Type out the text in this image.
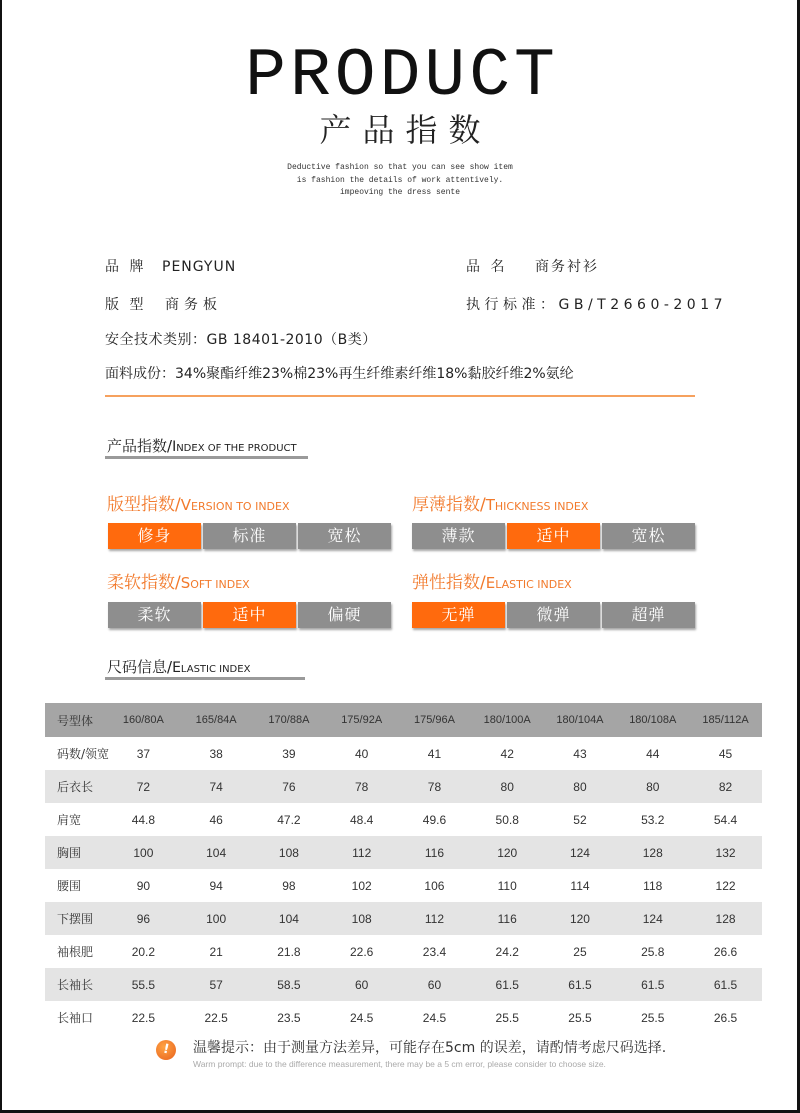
PRODUCT
产品指数
Deductive fashion so that you can see show item
is fashion the details of work attentively.
impeoving the dress sente
品 牌 PENGYUN	品 名 商务衬衫
版 型 商务板	执行标准：GB/T2660-2017
安全技术类别：GB 18401-2010（B类）
面料成份：34%聚酯纤维23%棉23%再生纤维素纤维18%黏胶纤维2%氨纶
产品指数/INDEX OF THE PRODUCT
版型指数/VERSION TO INDEX
修身	标准	宽松
厚薄指数/THICKNESS INDEX
薄款	适中	宽松
柔软指数/SOFT INDEX
柔软	适中	偏硬
弹性指数/ELASTIC INDEX
无弹	微弹	超弹
尺码信息/ELASTIC INDEX
号型体	160/80A	165/84A	170/88A	175/92A	175/96A	180/100A	180/104A	180/108A	185/112A
码数/领宽	37	38	39	40	41	42	43	44	45
后衣长	72	74	76	78	78	80	80	80	82
肩宽	44.8	46	47.2	48.4	49.6	50.8	52	53.2	54.4
胸围	100	104	108	112	116	120	124	128	132
腰围	90	94	98	102	106	110	114	118	122
下摆围	96	100	104	108	112	116	120	124	128
袖根肥	20.2	21	21.8	22.6	23.4	24.2	25	25.8	26.6
长袖长	55.5	57	58.5	60	60	61.5	61.5	61.5	61.5
长袖口	22.5	22.5	23.5	24.5	24.5	25.5	25.5	25.5	26.5
!
温馨提示：由于测量方法差异，可能存在5cm 的误差，请酌情考虑尺码选择.
Warm prompt: due to the difference measurement, there may be a 5 cm error, please consider to choose size.
